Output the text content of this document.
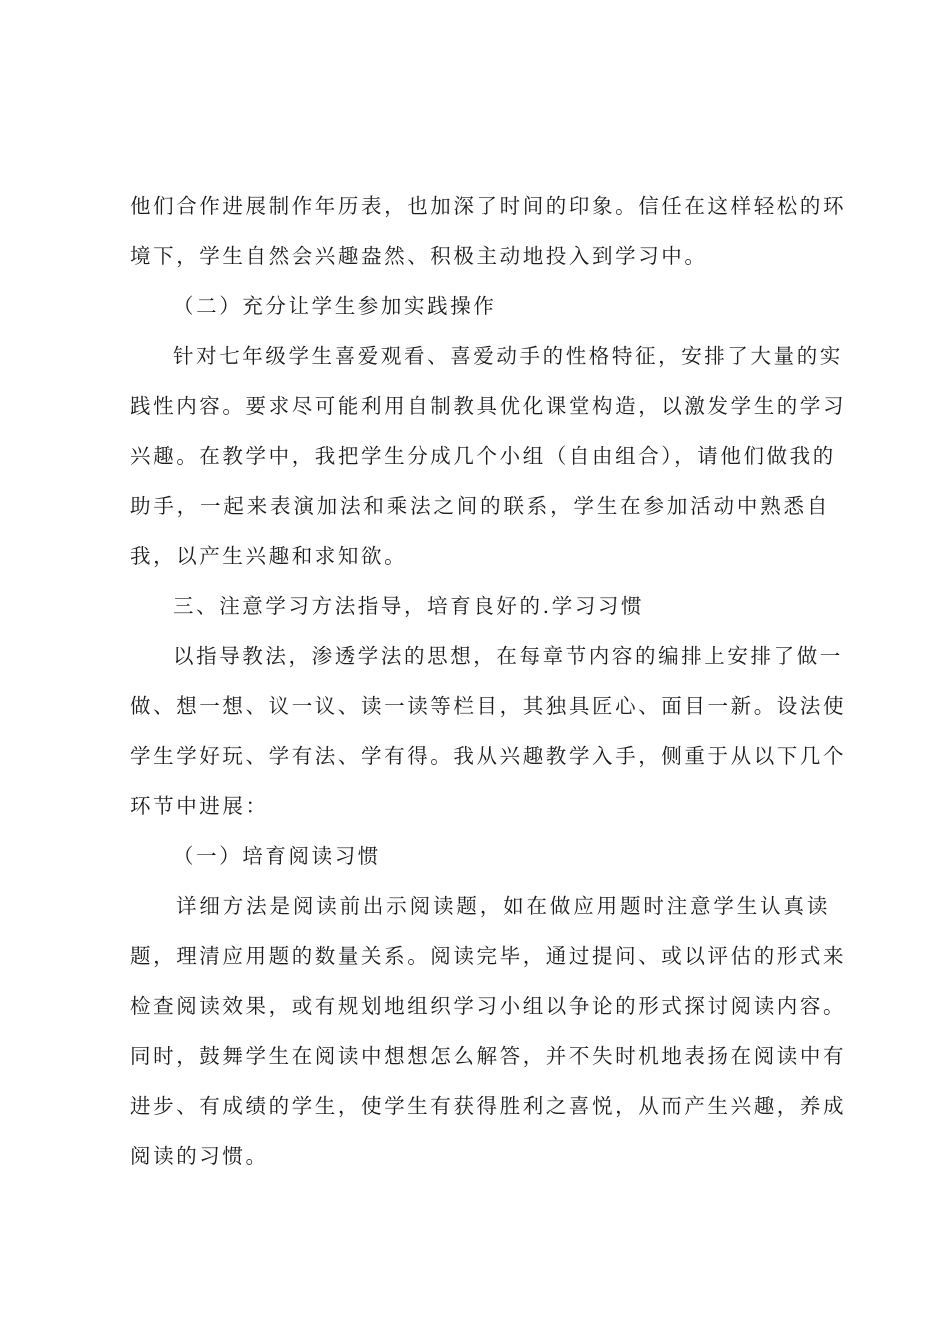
他们合作进展制作年历表，也加深了时间的印象。信任在这样轻松的环
境下，学生自然会兴趣盎然、积极主动地投入到学习中。
（二）充分让学生参加实践操作
针对七年级学生喜爱观看、喜爱动手的性格特征，安排了大量的实
践性内容。要求尽可能利用自制教具优化课堂构造，以激发学生的学习
兴趣。在教学中，我把学生分成几个小组（自由组合），请他们做我的
助手，一起来表演加法和乘法之间的联系，学生在参加活动中熟悉自
我，以产生兴趣和求知欲。
三、注意学习方法指导，培育良好的.学习习惯
以指导教法，渗透学法的思想，在每章节内容的编排上安排了做一
做、想一想、议一议、读一读等栏目，其独具匠心、面目一新。设法使
学生学好玩、学有法、学有得。我从兴趣教学入手，侧重于从以下几个
环节中进展：
（一）培育阅读习惯
详细方法是阅读前出示阅读题，如在做应用题时注意学生认真读
题，理清应用题的数量关系。阅读完毕，通过提问、或以评估的形式来
检查阅读效果，或有规划地组织学习小组以争论的形式探讨阅读内容。
同时，鼓舞学生在阅读中想想怎么解答，并不失时机地表扬在阅读中有
进步、有成绩的学生，使学生有获得胜利之喜悦，从而产生兴趣，养成
阅读的习惯。
